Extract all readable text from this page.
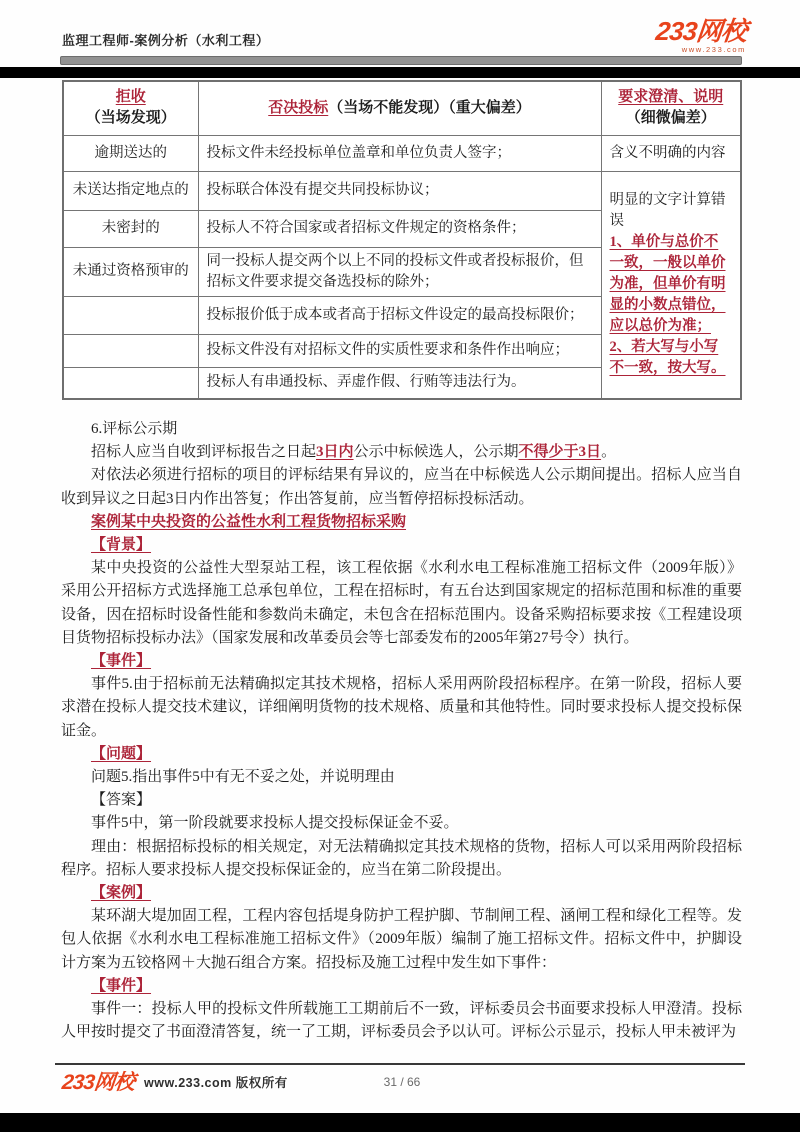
监理工程师-案例分析（水利工程）	233网校
www.233.com
拒收（当场发现）	否决投标（当场不能发现）（重大偏差）	要求澄清、说明（细微偏差）
逾期送达的	投标文件未经投标单位盖章和单位负责人签字；	含义不明确的内容
未送达指定地点的	投标联合体没有提交共同投标协议；	明显的文字计算错误
1、单价与总价不一致，一般以单价为准，但单价有明显的小数点错位，应以总价为准；
2、若大写与小写不一致，按大写。

未密封的	投标人不符合国家或者招标文件规定的资格条件；	
未通过资格预审的	同一投标人提交两个以上不同的投标文件或者投标报价，但招标文件要求提交备选投标的除外；	
	投标报价低于成本或者高于招标文件设定的最高投标限价；	
	投标文件没有对招标文件的实质性要求和条件作出响应；	
	投标人有串通投标、弄虚作假、行贿等违法行为。	

6.评标公示期

招标人应当自收到评标报告之日起3日内公示中标候选人，公示期不得少于3日。

对依法必须进行招标的项目的评标结果有异议的，应当在中标候选人公示期间提出。招标人应当自收到异议之日起3日内作出答复；作出答复前，应当暂停招标投标活动。

案例某中央投资的公益性水利工程货物招标采购

【背景】

某中央投资的公益性大型泵站工程，该工程依据《水利水电工程标准施工招标文件（2009年版）》采用公开招标方式选择施工总承包单位，工程在招标时，有五台达到国家规定的招标范围和标准的重要设备，因在招标时设备性能和参数尚未确定，未包含在招标范围内。设备采购招标要求按《工程建设项目货物招标投标办法》（国家发展和改革委员会等七部委发布的2005年第27号令）执行。

【事件】

事件5.由于招标前无法精确拟定其技术规格，招标人采用两阶段招标程序。在第一阶段，招标人要求潜在投标人提交技术建议，详细阐明货物的技术规格、质量和其他特性。同时要求投标人提交投标保证金。

【问题】

问题5.指出事件5中有无不妥之处，并说明理由

【答案】

事件5中，第一阶段就要求投标人提交投标保证金不妥。

理由：根据招标投标的相关规定，对无法精确拟定其技术规格的货物，招标人可以采用两阶段招标程序。招标人要求投标人提交投标保证金的，应当在第二阶段提出。

【案例】

某环湖大堤加固工程，工程内容包括堤身防护工程护脚、节制闸工程、涵闸工程和绿化工程等。发包人依据《水利水电工程标准施工招标文件》（2009年版）编制了施工招标文件。招标文件中，护脚设计方案为五铰格网＋大抛石组合方案。招投标及施工过程中发生如下事件：

【事件】

事件一：投标人甲的投标文件所载施工工期前后不一致，评标委员会书面要求投标人甲澄清。投标人甲按时提交了书面澄清答复，统一了工期，评标委员会予以认可。评标公示显示，投标人甲未被评为

31 / 66
233网校 www.233.com 版权所有
